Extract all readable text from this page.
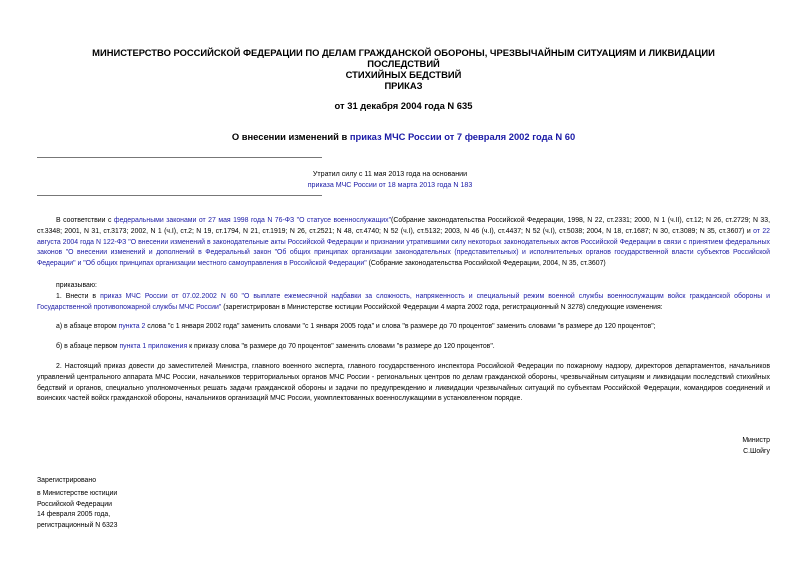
МИНИСТЕРСТВО РОССИЙСКОЙ ФЕДЕРАЦИИ ПО ДЕЛАМ ГРАЖДАНСКОЙ ОБОРОНЫ, ЧРЕЗВЫЧАЙНЫМ СИТУАЦИЯМ И ЛИКВИДАЦИИ ПОСЛЕДСТВИЙ
СТИХИЙНЫХ БЕДСТВИЙ
ПРИКАЗ
от 31 декабря 2004 года N 635
О внесении изменений в приказ МЧС России от 7 февраля 2002 года N 60
Утратил силу с 11 мая 2013 года на основании
приказа МЧС России от 18 марта 2013 года N 183

В соответствии с федеральными законами от 27 мая 1998 года N 76-ФЗ "О статусе военнослужащих"(Собрание законодательства Российской Федерации, 1998, N 22, ст.2331; 2000, N 1 (ч.II), ст.12; N 26, ст.2729; N 33, ст.3348; 2001, N 31, ст.3173; 2002, N 1 (ч.I), ст.2; N 19, ст.1794, N 21, ст.1919; N 26, ст.2521; N 48, ст.4740; N 52 (ч.I), ст.5132; 2003, N 46 (ч.I), ст.4437; N 52 (ч.I), ст.5038; 2004, N 18, ст.1687; N 30, ст.3089; N 35, ст.3607) и от 22 августа 2004 года N 122-ФЗ "О внесении изменений в законодательные акты Российской Федерации и признании утратившими силу некоторых законодательных актов Российской Федерации в связи с принятием федеральных законов "О внесении изменений и дополнений в Федеральный закон "Об общих принципах организации законодательных (представительных) и исполнительных органов государственной власти субъектов Российской Федерации" и "Об общих принципах организации местного самоуправления в Российской Федерации" (Собрание законодательства Российской Федерации, 2004, N 35, ст.3607)

приказываю:

1. Внести в приказ МЧС России от 07.02.2002 N 60 "О выплате ежемесячной надбавки за сложность, напряженность и специальный режим военной службы военнослужащим войск гражданской обороны и Государственной противопожарной службы МЧС России" (зарегистрирован в Министерстве юстиции Российской Федерации 4 марта 2002 года, регистрационный N 3278) следующие изменения:

а) в абзаце втором пункта 2 слова "с 1 января 2002 года" заменить словами "с 1 января 2005 года" и слова "в размере до 70 процентов" заменить словами "в размере до 120 процентов";

б) в абзаце первом пункта 1 приложения к приказу слова "в размере до 70 процентов" заменить словами "в размере до 120 процентов".

2. Настоящий приказ довести до заместителей Министра, главного военного эксперта, главного государственного инспектора Российской Федерации по пожарному надзору, директоров департаментов, начальников управлений центрального аппарата МЧС России, начальников территориальных органов МЧС России - региональных центров по делам гражданской обороны, чрезвычайным ситуациям и ликвидации последствий стихийных бедствий и органов, специально уполномоченных решать задачи гражданской обороны и задачи по предупреждению и ликвидации чрезвычайных ситуаций по субъектам Российской Федерации, командиров соединений и воинских частей войск гражданской обороны, начальников организаций МЧС России, укомплектованных военнослужащими в установленном порядке.

Министр
С.Шойгу
Зарегистрировано
в Министерстве юстиции
Российской Федерации
14 февраля 2005 года,
регистрационный N 6323
